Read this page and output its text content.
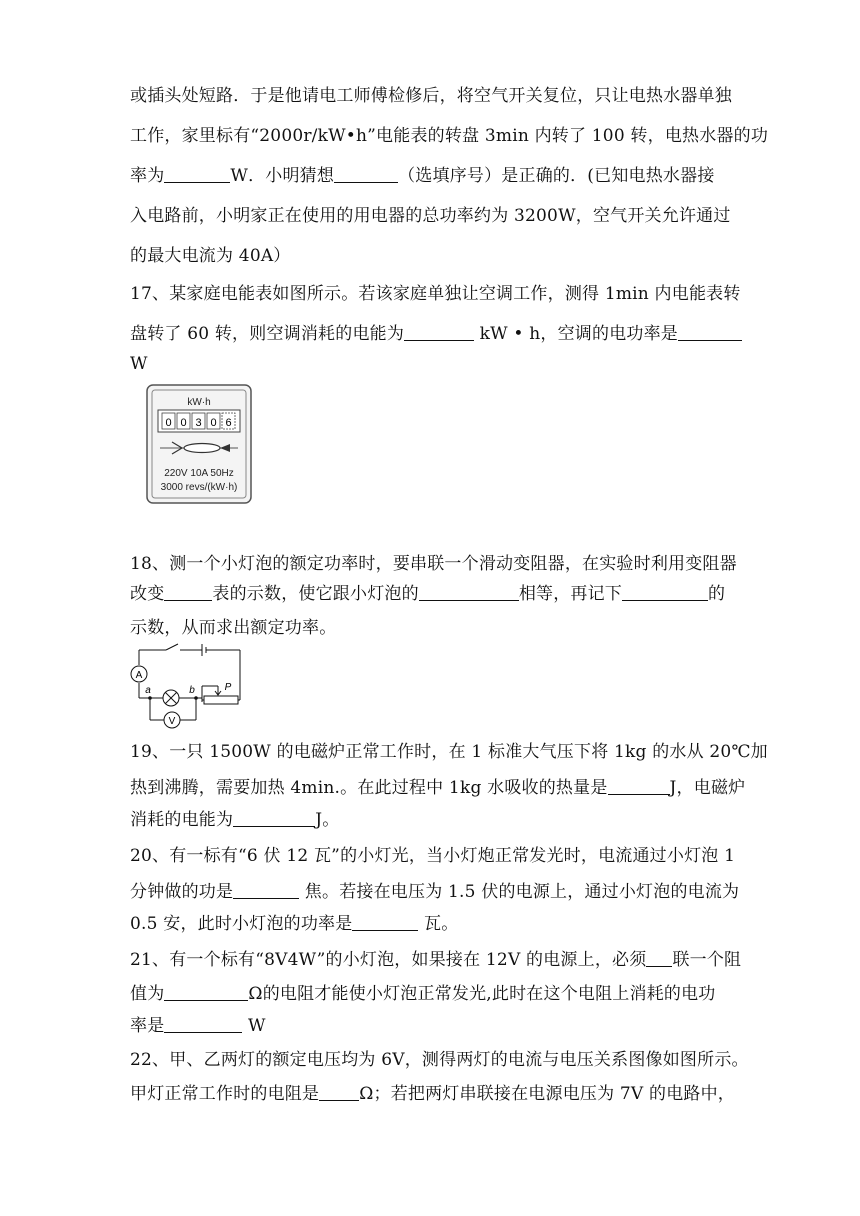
或插头处短路．于是他请电工师傅检修后，将空气开关复位，只让电热水器单独
工作，家里标有“2000r/kW•h”电能表的转盘 3min 内转了 100 转，电热水器的功
率为	W．小明猜想	（选填序号）是正确的．(已知电热水器接
入电路前，小明家正在使用的用电器的总功率约为 3200W，空气开关允许通过
的最大电流为 40A）
17、某家庭电能表如图所示。若该家庭单独让空调工作，测得 1min 内电能表转
盘转了 60 转，则空调消耗的电能为	kW • h，空调的电功率是
W
kW·h
0 0 3 0 6
220V 10A 50Hz
3000 revs/(kW·h)
18、测一个小灯泡的额定功率时，要串联一个滑动变阻器，在实验时利用变阻器
改变	表的示数，使它跟小灯泡的	相等，再记下	的
示数，从而求出额定功率。
A
V
a	b	P
19、一只 1500W 的电磁炉正常工作时，在 1 标准大气压下将 1kg 的水从 20℃加
热到沸腾，需要加热 4min.。在此过程中 1kg 水吸收的热量是	J，电磁炉
消耗的电能为	J。
20、有一标有“6 伏 12 瓦”的小灯光，当小灯炮正常发光时，电流通过小灯泡 1
分钟做的功是	焦。若接在电压为 1.5 伏的电源上，通过小灯泡的电流为
0.5 安，此时小灯泡的功率是	瓦。
21、有一个标有“8V4W”的小灯泡，如果接在 12V 的电源上，必须 联一个阻
值为	Ω的电阻才能使小灯泡正常发光,此时在这个电阻上消耗的电功
率是	W
22、甲、乙两灯的额定电压均为 6V，测得两灯的电流与电压关系图像如图所示。
甲灯正常工作时的电阻是 Ω；若把两灯串联接在电源电压为 7V 的电路中，
